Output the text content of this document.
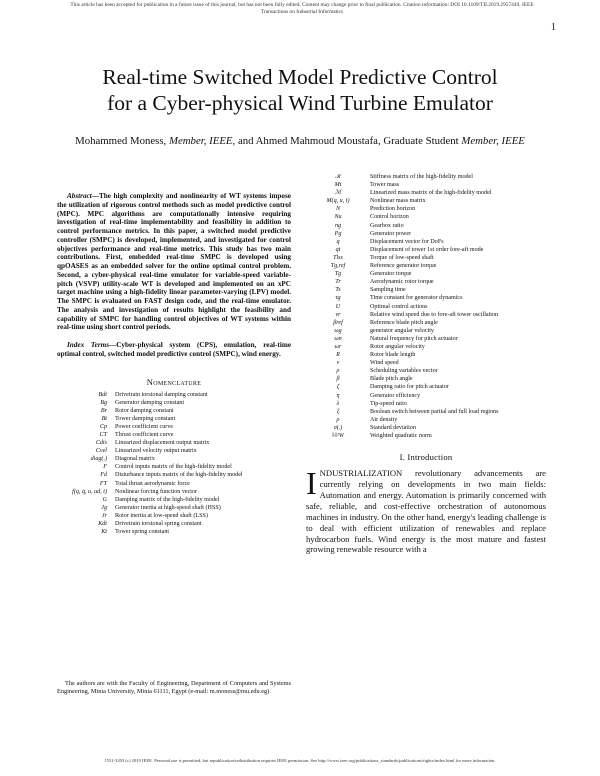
This article has been accepted for publication in a future issue of this journal, but has not been fully edited. Content may change prior to final publication. Citation information: DOI 10.1109/TII.2019.2957449, IEEE
Transactions on Industrial Informatics
1
Real-time Switched Model Predictive Control
for a Cyber-physical Wind Turbine Emulator
Mohammed Moness, Member, IEEE, and Ahmed Mahmoud Moustafa, Graduate Student Member, IEEE

Abstract—The high complexity and nonlinearity of WT systems impose the utilization of rigorous control methods such as model predictive control (MPC). MPC algorithms are computationally intensive requiring investigation of real-time implementability and feasibility in addition to control performance metrics. In this paper, a switched model predictive controller (SMPC) is developed, implemented, and investigated for control objectives performance and real-time metrics. This study has two main contributions. First, embedded real-time SMPC is developed using qpOASES as an embedded solver for the online optimal control problem. Second, a cyber-physical real-time emulator for variable-speed variable-pitch (VSVP) utility-scale WT is developed and implemented on an xPC target machine using a high-fidelity linear parameter-varying (LPV) model. The SMPC is evaluated on FAST design code, and the real-time emulator. The analysis and investigation of results highlight the feasibility and capability of SMPC for handling control objectives of WT systems within real-time using short control periods.

Index Terms—Cyber-physical system (CPS), emulation, real-time optimal control, switched model predictive control (SMPC), wind energy.

Nomenclature
Bdt	Drivetrain torsional damping constant
Bg	Generator damping constant
Br	Rotor damping constant
Bt	Tower damping constant
Cp	Power coefficient curve
CT	Thrust coefficient curve
Cdis	Linearized displacement output matrix
Cvel	Linearized velocity output matrix
diag(.)	Diagonal matrix
F	Control inputs matrix of the high-fidelity model
Fd	Disturbance inputs matrix of the high-fidelity model
FT	Total thrust aerodynamic force
f(q, q̇, u, ud, t)	Nonlinear forcing function vector
G	Damping matrix of the high-fidelity model
Jg	Generator inertia at high-speed shaft (HSS)
Jr	Rotor inertia at low-speed shaft (LSS)
Kdt	Drivetrain torsional spring constant
Kt	Tower spring constant
𝒦	Stiffness matrix of the high-fidelity model
Mt	Tower mass
ℳ	Linearized mass matrix of the high-fidelity model
M(q, u, t)	Nonlinear mass matrix
N	Prediction horizon
Nu	Control horizon
ng	Gearbox ratio
Pg	Generator power
q	Displacement vector for DoFs
qt	Displacement of tower 1st order fore-aft mode
Tlss	Torque of low-speed shaft
Tg,ref	Reference generator torque
Tg	Generator torque
Tr	Aerodynamic rotor torque
Ts	Sampling time
τg	Time constant for generator dynamics
U	Optimal control actions
vr	Relative wind speed due to fore-aft tower oscillation
βref	Reference blade pitch angle
ωg	generator angular velocity
ωn	Natural frequency for pitch actuator
ωr	Rotor angular velocity
R	Rotor blade length
v	Wind speed
ρ	Scheduling variables vector
β	Blade pitch angle
ζ	Damping ratio for pitch actuator
η	Generator efficiency
λ	Tip-speed ratio
ξ	Boolean switch between partial and full load regions
ρ	Air density
σ(.)	Standard deviation
‖·‖²W	Weighted quadratic norm
I. Introduction

INDUSTRIALIZATION revolutionary advancements are currently relying on developments in two main fields: Automation and energy. Automation is primarily concerned with safe, reliable, and cost-effective orchestration of autonomous machines in industry. On the other hand, energy's leading challenge is to deal with efficient utilization of renewables and replace hydrocarbon fuels. Wind energy is the most mature and fastest growing renewable resource with a

The authors are with the Faculty of Engineering, Department of Computers and Systems Engineering, Minia University, Minia 61111, Egypt (e-mail: m.moness@mu.edu.eg).
1551-3203 (c) 2019 IEEE. Personal use is permitted, but republication/redistribution requires IEEE permission. See http://www.ieee.org/publications_standards/publications/rights/index.html for more information.
